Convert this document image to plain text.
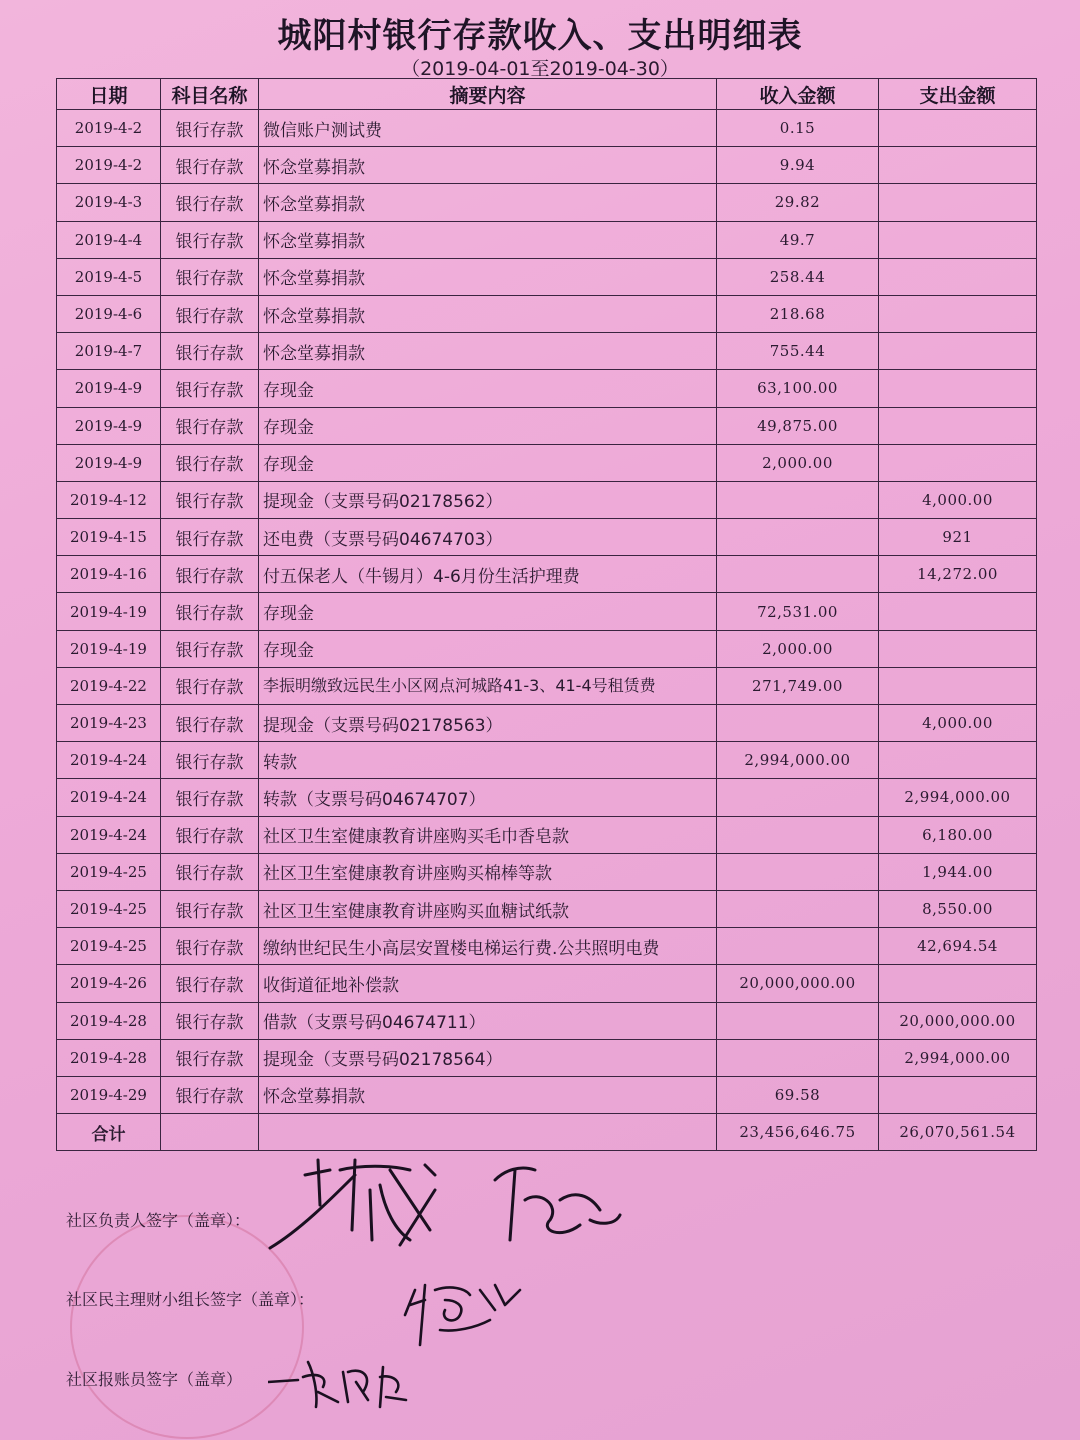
城阳村银行存款收入、支出明细表
（2019-04-01至2019-04-30）
日期	科目名称	摘要内容	收入金额	支出金额
2019-4-2	银行存款	微信账户测试费	0.15	
2019-4-2	银行存款	怀念堂募捐款	9.94	
2019-4-3	银行存款	怀念堂募捐款	29.82	
2019-4-4	银行存款	怀念堂募捐款	49.7	
2019-4-5	银行存款	怀念堂募捐款	258.44	
2019-4-6	银行存款	怀念堂募捐款	218.68	
2019-4-7	银行存款	怀念堂募捐款	755.44	
2019-4-9	银行存款	存现金	63,100.00	
2019-4-9	银行存款	存现金	49,875.00	
2019-4-9	银行存款	存现金	2,000.00	
2019-4-12	银行存款	提现金（支票号码02178562）		4,000.00
2019-4-15	银行存款	还电费（支票号码04674703）		921
2019-4-16	银行存款	付五保老人（牛锡月）4-6月份生活护理费		14,272.00
2019-4-19	银行存款	存现金	72,531.00	
2019-4-19	银行存款	存现金	2,000.00	
2019-4-22	银行存款	李振明缴致远民生小区网点河城路41-3、41-4号租赁费	271,749.00	
2019-4-23	银行存款	提现金（支票号码02178563）		4,000.00
2019-4-24	银行存款	转款	2,994,000.00	
2019-4-24	银行存款	转款（支票号码04674707）		2,994,000.00
2019-4-24	银行存款	社区卫生室健康教育讲座购买毛巾香皂款		6,180.00
2019-4-25	银行存款	社区卫生室健康教育讲座购买棉棒等款		1,944.00
2019-4-25	银行存款	社区卫生室健康教育讲座购买血糖试纸款		8,550.00
2019-4-25	银行存款	缴纳世纪民生小高层安置楼电梯运行费.公共照明电费		42,694.54
2019-4-26	银行存款	收街道征地补偿款	20,000,000.00	
2019-4-28	银行存款	借款（支票号码04674711）		20,000,000.00
2019-4-28	银行存款	提现金（支票号码02178564）		2,994,000.00
2019-4-29	银行存款	怀念堂募捐款	69.58	
合计			23,456,646.75	26,070,561.54
社区负责人签字（盖章）：
社区民主理财小组长签字（盖章）：
社区报账员签字（盖章）
